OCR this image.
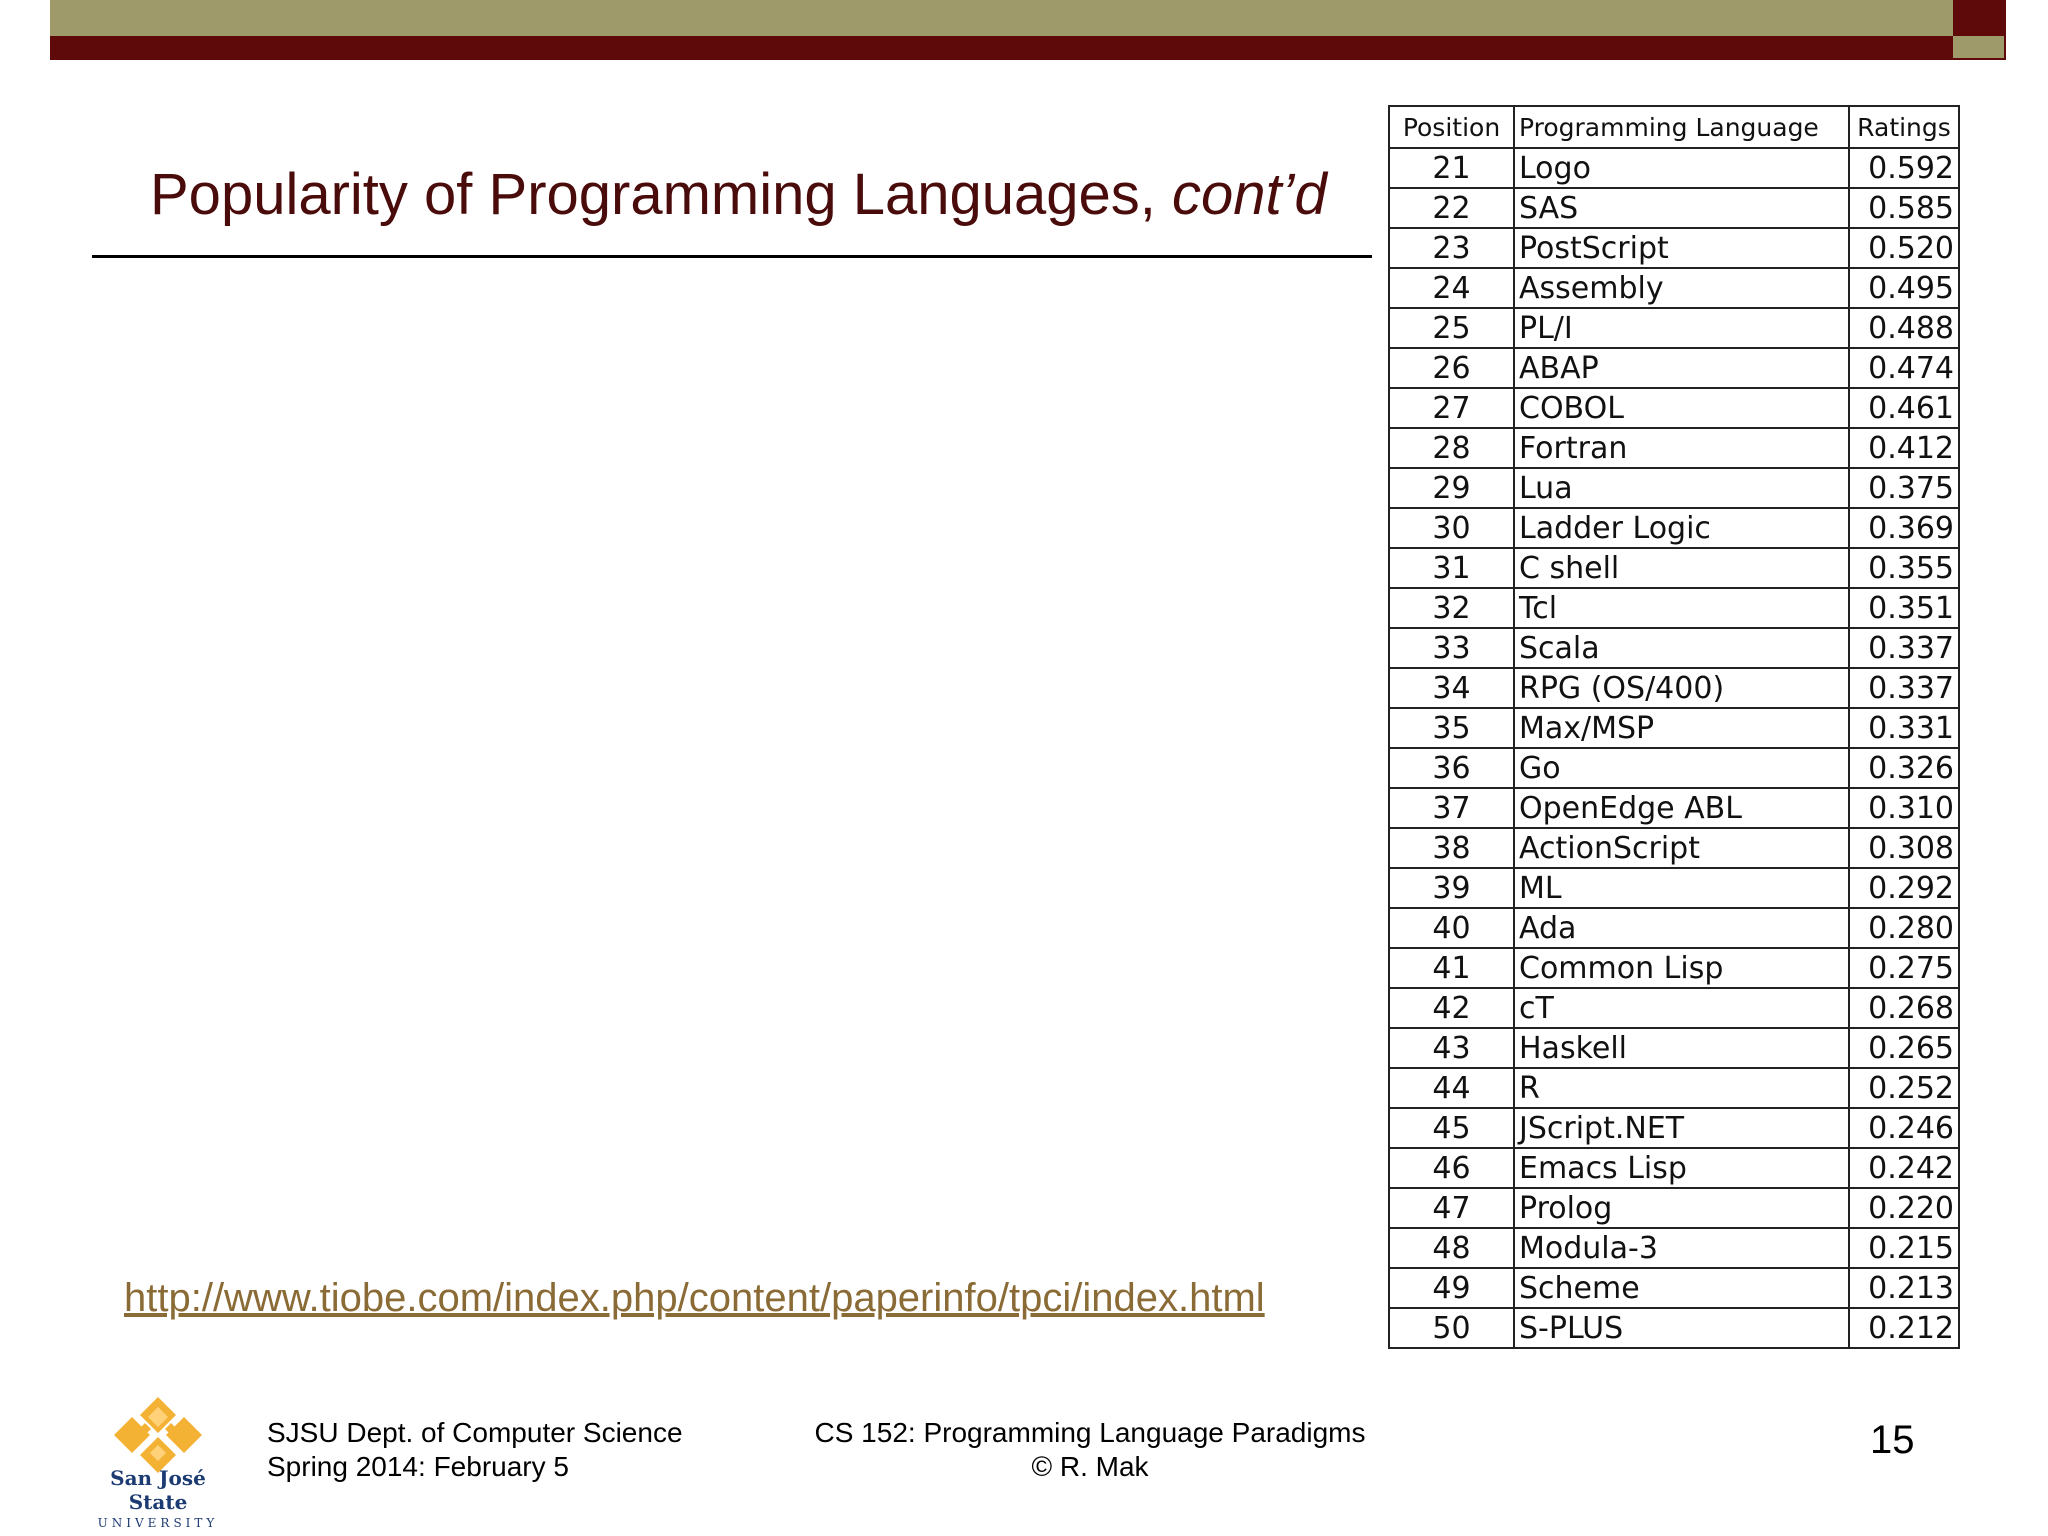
Popularity of Programming Languages, cont’d
http://www.tiobe.com/index.php/content/paperinfo/tpci/index.html
Position	Programming Language	Ratings
21	Logo	0.592
22	SAS	0.585
23	PostScript	0.520
24	Assembly	0.495
25	PL/I	0.488
26	ABAP	0.474
27	COBOL	0.461
28	Fortran	0.412
29	Lua	0.375
30	Ladder Logic	0.369
31	C shell	0.355
32	Tcl	0.351
33	Scala	0.337
34	RPG (OS/400)	0.337
35	Max/MSP	0.331
36	Go	0.326
37	OpenEdge ABL	0.310
38	ActionScript	0.308
39	ML	0.292
40	Ada	0.280
41	Common Lisp	0.275
42	cT	0.268
43	Haskell	0.265
44	R	0.252
45	JScript.NET	0.246
46	Emacs Lisp	0.242
47	Prolog	0.220
48	Modula-3	0.215
49	Scheme	0.213
50	S-PLUS	0.212
San José State
UNIVERSITY
SJSU Dept. of Computer Science
Spring 2014: February 5
CS 152: Programming Language Paradigms
© R. Mak
15
